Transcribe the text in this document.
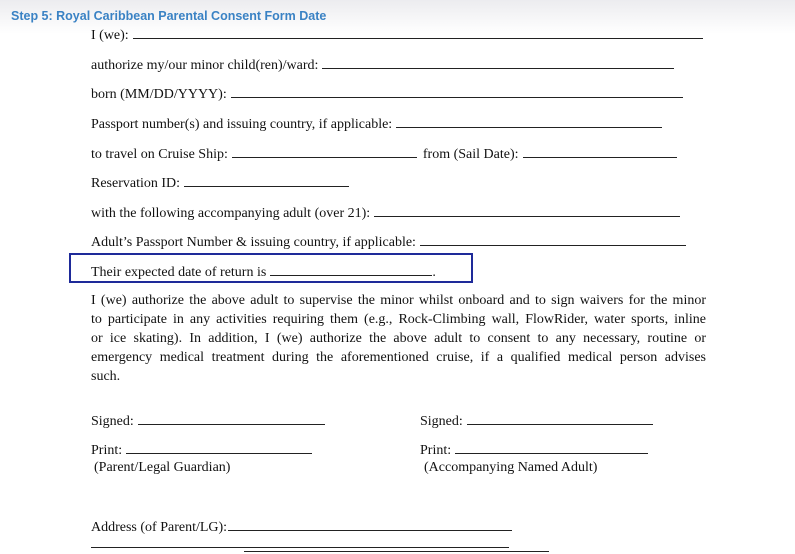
Step 5: Royal Caribbean Parental Consent Form Date
I (we):
authorize my/our minor child(ren)/ward:
born (MM/DD/YYYY):
Passport number(s) and issuing country, if applicable:
to travel on Cruise Ship:	from (Sail Date):
Reservation ID:
with the following accompanying adult (over 21):
Adult’s Passport Number & issuing country, if applicable:
Their expected date of return is	.
I (we) authorize the above adult to supervise the minor whilst onboard and to sign waivers for the minor
to participate in any activities requiring them (e.g., Rock-Climbing wall, FlowRider, water sports, inline
or ice skating). In addition, I (we) authorize the above adult to consent to any necessary, routine or
emergency medical treatment during the aforementioned cruise, if a qualified medical person advises
such.
Signed:	Signed:
Print:	Print:
(Parent/Legal Guardian)	(Accompanying Named Adult)
Address (of Parent/LG):
